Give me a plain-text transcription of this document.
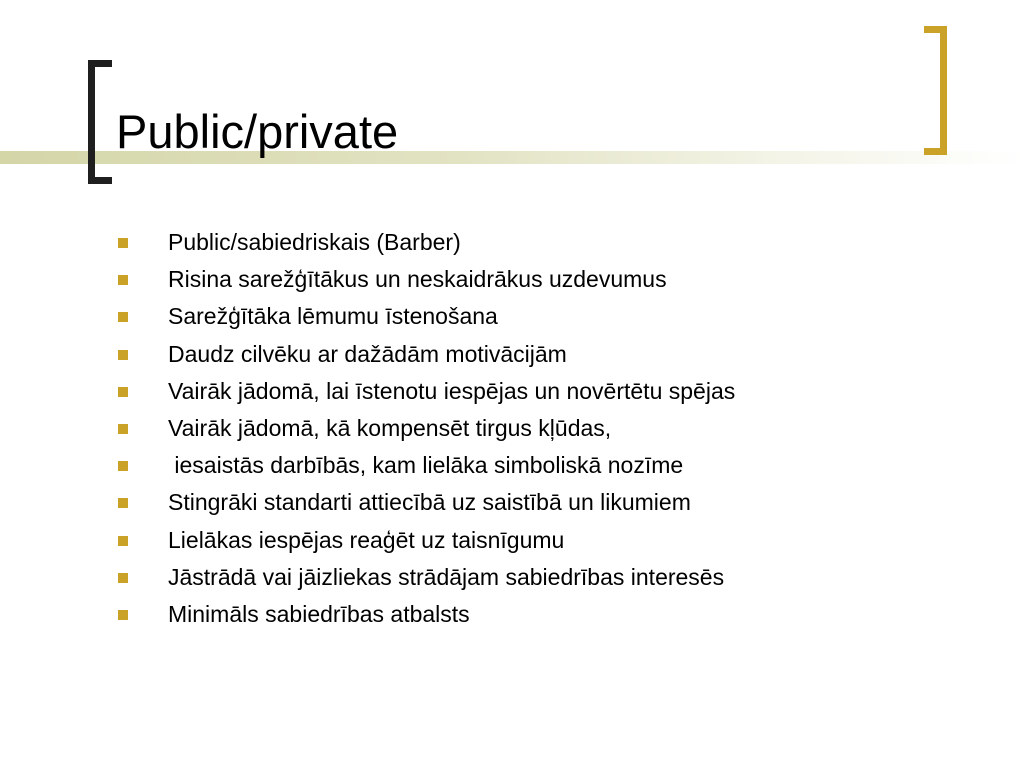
Public/private
Public/sabiedriskais (Barber)
Risina sarežģītākus un neskaidrākus uzdevumus
Sarežģītāka lēmumu īstenošana
Daudz cilvēku ar dažādām motivācijām
Vairāk jādomā, lai īstenotu iespējas un novērtētu spējas
Vairāk jādomā, kā kompensēt tirgus kļūdas,
iesaistās darbībās, kam lielāka simboliskā nozīme
Stingrāki standarti attiecībā uz saistībā un likumiem
Lielākas iespējas reaģēt uz taisnīgumu
Jāstrādā vai jāizliekas strādājam sabiedrības interesēs
Minimāls sabiedrības atbalsts
